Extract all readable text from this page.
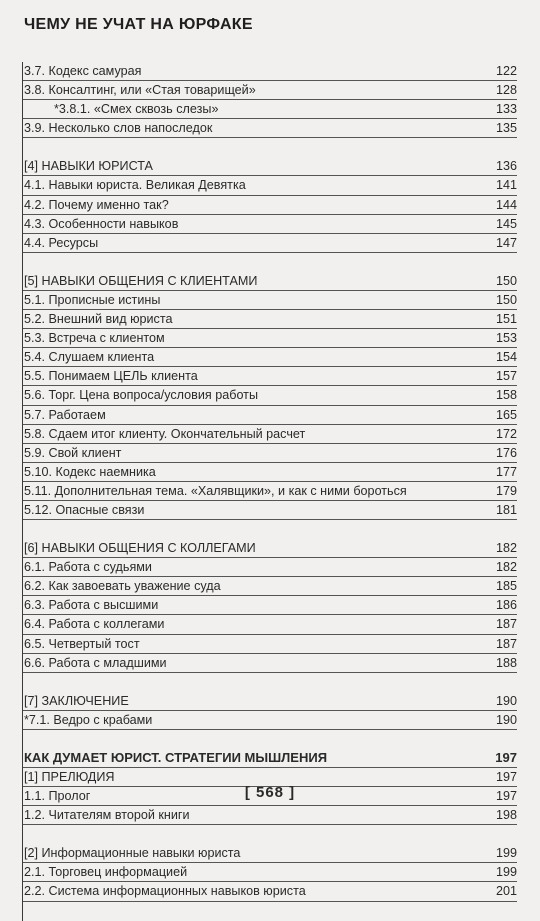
ЧЕМУ НЕ УЧАТ НА ЮРФАКЕ
3.7. Кодекс самурая	122
3.8. Консалтинг, или «Стая товарищей»	128
*3.8.1. «Смех сквозь слезы»	133
3.9. Несколько слов напоследок	135
[4] НАВЫКИ ЮРИСТА	136
4.1. Навыки юриста. Великая Девятка	141
4.2. Почему именно так?	144
4.3. Особенности навыков	145
4.4. Ресурсы	147
[5] НАВЫКИ ОБЩЕНИЯ С КЛИЕНТАМИ	150
5.1. Прописные истины	150
5.2. Внешний вид юриста	151
5.3. Встреча с клиентом	153
5.4. Слушаем клиента	154
5.5. Понимаем ЦЕЛЬ клиента	157
5.6. Торг. Цена вопроса/условия работы	158
5.7. Работаем	165
5.8. Сдаем итог клиенту. Окончательный расчет	172
5.9. Свой клиент	176
5.10. Кодекс наемника	177
5.11. Дополнительная тема. «Халявщики», и как с ними бороться	179
5.12. Опасные связи	181
[6] НАВЫКИ ОБЩЕНИЯ С КОЛЛЕГАМИ	182
6.1. Работа с судьями	182
6.2. Как завоевать уважение суда	185
6.3. Работа с высшими	186
6.4. Работа с коллегами	187
6.5. Четвертый тост	187
6.6. Работа с младшими	188
[7] ЗАКЛЮЧЕНИЕ	190
*7.1. Ведро с крабами	190
КАК ДУМАЕТ ЮРИСТ. СТРАТЕГИИ МЫШЛЕНИЯ	197
[1] ПРЕЛЮДИЯ	197
1.1. Пролог	197
1.2. Читателям второй книги	198
[2] Информационные навыки юриста	199
2.1. Торговец информацией	199
2.2. Система информационных навыков юриста	201
[ 568 ]
